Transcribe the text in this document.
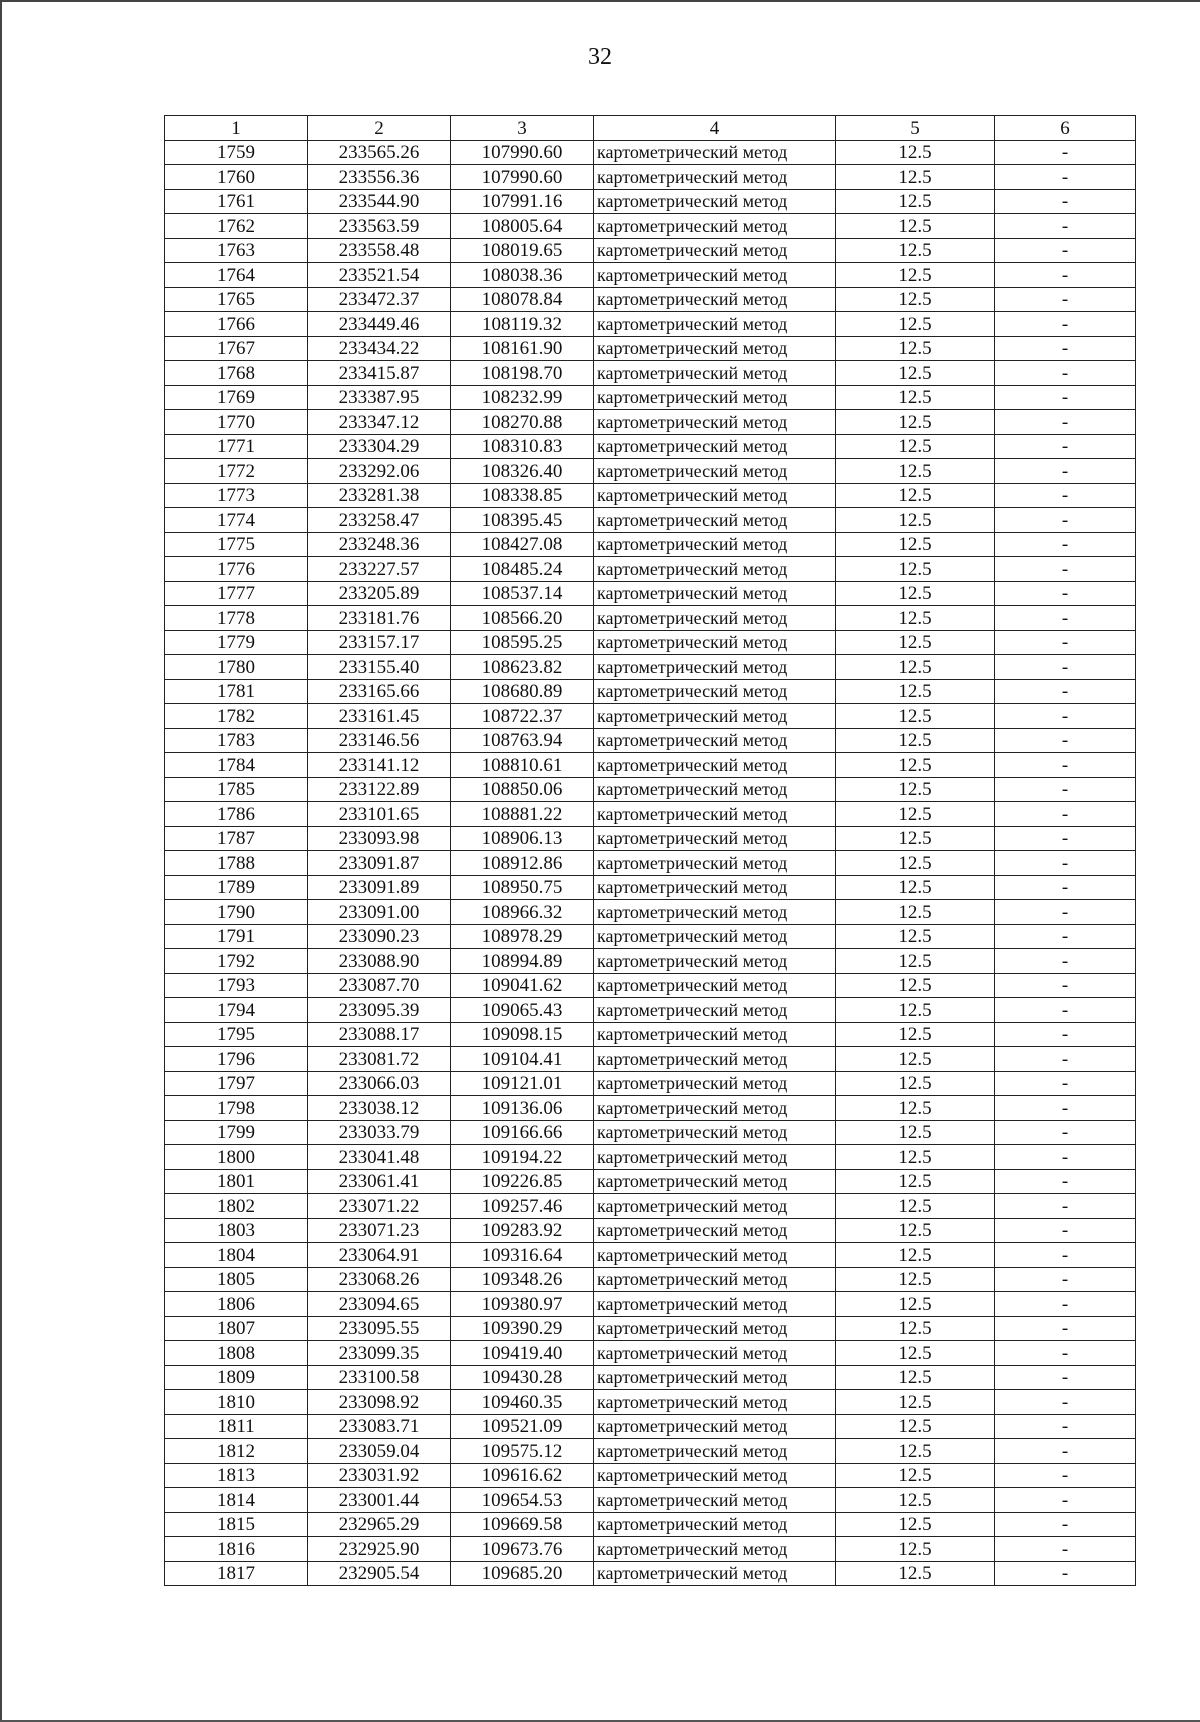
32
1	2	3	4	5	6
1759	233565.26	107990.60	картометрический метод	12.5	-
1760	233556.36	107990.60	картометрический метод	12.5	-
1761	233544.90	107991.16	картометрический метод	12.5	-
1762	233563.59	108005.64	картометрический метод	12.5	-
1763	233558.48	108019.65	картометрический метод	12.5	-
1764	233521.54	108038.36	картометрический метод	12.5	-
1765	233472.37	108078.84	картометрический метод	12.5	-
1766	233449.46	108119.32	картометрический метод	12.5	-
1767	233434.22	108161.90	картометрический метод	12.5	-
1768	233415.87	108198.70	картометрический метод	12.5	-
1769	233387.95	108232.99	картометрический метод	12.5	-
1770	233347.12	108270.88	картометрический метод	12.5	-
1771	233304.29	108310.83	картометрический метод	12.5	-
1772	233292.06	108326.40	картометрический метод	12.5	-
1773	233281.38	108338.85	картометрический метод	12.5	-
1774	233258.47	108395.45	картометрический метод	12.5	-
1775	233248.36	108427.08	картометрический метод	12.5	-
1776	233227.57	108485.24	картометрический метод	12.5	-
1777	233205.89	108537.14	картометрический метод	12.5	-
1778	233181.76	108566.20	картометрический метод	12.5	-
1779	233157.17	108595.25	картометрический метод	12.5	-
1780	233155.40	108623.82	картометрический метод	12.5	-
1781	233165.66	108680.89	картометрический метод	12.5	-
1782	233161.45	108722.37	картометрический метод	12.5	-
1783	233146.56	108763.94	картометрический метод	12.5	-
1784	233141.12	108810.61	картометрический метод	12.5	-
1785	233122.89	108850.06	картометрический метод	12.5	-
1786	233101.65	108881.22	картометрический метод	12.5	-
1787	233093.98	108906.13	картометрический метод	12.5	-
1788	233091.87	108912.86	картометрический метод	12.5	-
1789	233091.89	108950.75	картометрический метод	12.5	-
1790	233091.00	108966.32	картометрический метод	12.5	-
1791	233090.23	108978.29	картометрический метод	12.5	-
1792	233088.90	108994.89	картометрический метод	12.5	-
1793	233087.70	109041.62	картометрический метод	12.5	-
1794	233095.39	109065.43	картометрический метод	12.5	-
1795	233088.17	109098.15	картометрический метод	12.5	-
1796	233081.72	109104.41	картометрический метод	12.5	-
1797	233066.03	109121.01	картометрический метод	12.5	-
1798	233038.12	109136.06	картометрический метод	12.5	-
1799	233033.79	109166.66	картометрический метод	12.5	-
1800	233041.48	109194.22	картометрический метод	12.5	-
1801	233061.41	109226.85	картометрический метод	12.5	-
1802	233071.22	109257.46	картометрический метод	12.5	-
1803	233071.23	109283.92	картометрический метод	12.5	-
1804	233064.91	109316.64	картометрический метод	12.5	-
1805	233068.26	109348.26	картометрический метод	12.5	-
1806	233094.65	109380.97	картометрический метод	12.5	-
1807	233095.55	109390.29	картометрический метод	12.5	-
1808	233099.35	109419.40	картометрический метод	12.5	-
1809	233100.58	109430.28	картометрический метод	12.5	-
1810	233098.92	109460.35	картометрический метод	12.5	-
1811	233083.71	109521.09	картометрический метод	12.5	-
1812	233059.04	109575.12	картометрический метод	12.5	-
1813	233031.92	109616.62	картометрический метод	12.5	-
1814	233001.44	109654.53	картометрический метод	12.5	-
1815	232965.29	109669.58	картометрический метод	12.5	-
1816	232925.90	109673.76	картометрический метод	12.5	-
1817	232905.54	109685.20	картометрический метод	12.5	-
